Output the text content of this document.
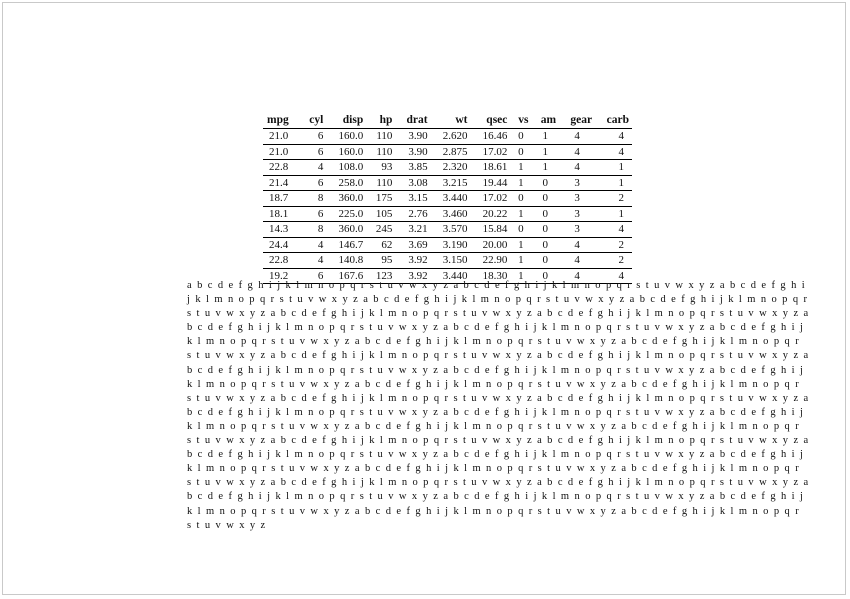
mpg	cyl	disp	hp	drat	wt	qsec	vs	am	gear	carb
21.0	6	160.0	110	3.90	2.620	16.46	0	1	4	4
21.0	6	160.0	110	3.90	2.875	17.02	0	1	4	4
22.8	4	108.0	93	3.85	2.320	18.61	1	1	4	1
21.4	6	258.0	110	3.08	3.215	19.44	1	0	3	1
18.7	8	360.0	175	3.15	3.440	17.02	0	0	3	2
18.1	6	225.0	105	2.76	3.460	20.22	1	0	3	1
14.3	8	360.0	245	3.21	3.570	15.84	0	0	3	4
24.4	4	146.7	62	3.69	3.190	20.00	1	0	4	2
22.8	4	140.8	95	3.92	3.150	22.90	1	0	4	2
19.2	6	167.6	123	3.92	3.440	18.30	1	0	4	4

a b c d e f g h i j k l m n o p q r s t u v w x y z a b c d e f g h i j k l m n o p q r s t u v w x y z a b c d e f g h i
j k l m n o p q r s t u v w x y z a b c d e f g h i j k l m n o p q r s t u v w x y z a b c d e f g h i j k l m n o p q r
s t u v w x y z a b c d e f g h i j k l m n o p q r s t u v w x y z a b c d e f g h i j k l m n o p q r s t u v w x y z a
b c d e f g h i j k l m n o p q r s t u v w x y z a b c d e f g h i j k l m n o p q r s t u v w x y z a b c d e f g h i j
k l m n o p q r s t u v w x y z a b c d e f g h i j k l m n o p q r s t u v w x y z a b c d e f g h i j k l m n o p q r
s t u v w x y z a b c d e f g h i j k l m n o p q r s t u v w x y z a b c d e f g h i j k l m n o p q r s t u v w x y z a
b c d e f g h i j k l m n o p q r s t u v w x y z a b c d e f g h i j k l m n o p q r s t u v w x y z a b c d e f g h i j
k l m n o p q r s t u v w x y z a b c d e f g h i j k l m n o p q r s t u v w x y z a b c d e f g h i j k l m n o p q r
s t u v w x y z a b c d e f g h i j k l m n o p q r s t u v w x y z a b c d e f g h i j k l m n o p q r s t u v w x y z a
b c d e f g h i j k l m n o p q r s t u v w x y z a b c d e f g h i j k l m n o p q r s t u v w x y z a b c d e f g h i j
k l m n o p q r s t u v w x y z a b c d e f g h i j k l m n o p q r s t u v w x y z a b c d e f g h i j k l m n o p q r
s t u v w x y z a b c d e f g h i j k l m n o p q r s t u v w x y z a b c d e f g h i j k l m n o p q r s t u v w x y z a
b c d e f g h i j k l m n o p q r s t u v w x y z a b c d e f g h i j k l m n o p q r s t u v w x y z a b c d e f g h i j
k l m n o p q r s t u v w x y z a b c d e f g h i j k l m n o p q r s t u v w x y z a b c d e f g h i j k l m n o p q r
s t u v w x y z a b c d e f g h i j k l m n o p q r s t u v w x y z a b c d e f g h i j k l m n o p q r s t u v w x y z a
b c d e f g h i j k l m n o p q r s t u v w x y z a b c d e f g h i j k l m n o p q r s t u v w x y z a b c d e f g h i j
k l m n o p q r s t u v w x y z a b c d e f g h i j k l m n o p q r s t u v w x y z a b c d e f g h i j k l m n o p q r
s t u v w x y z
